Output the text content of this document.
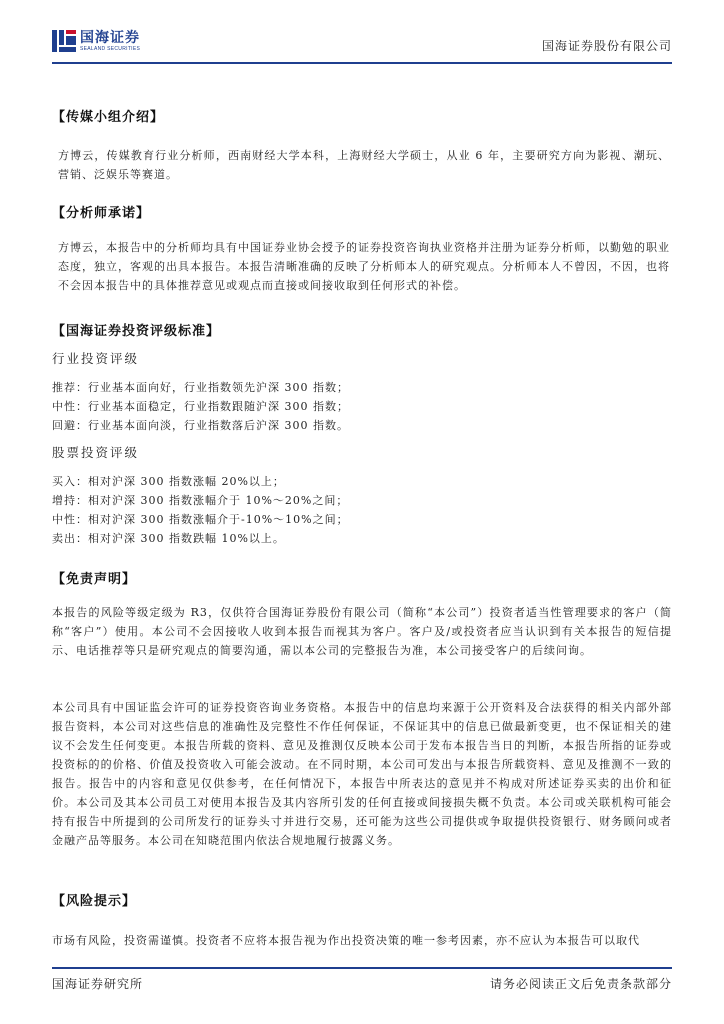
国海证券
SEALAND SECURITIES	国海证券股份有限公司
【传媒小组介绍】
方博云，传媒教育行业分析师，西南财经大学本科，上海财经大学硕士，从业 6 年，主要研究方向为影视、潮玩、营销、泛娱乐等赛道。
【分析师承诺】
方博云，本报告中的分析师均具有中国证券业协会授予的证券投资咨询执业资格并注册为证券分析师，以勤勉的职业态度，独立，客观的出具本报告。本报告清晰准确的反映了分析师本人的研究观点。分析师本人不曾因，不因，也将不会因本报告中的具体推荐意见或观点而直接或间接收取到任何形式的补偿。
【国海证券投资评级标准】
行业投资评级
推荐：行业基本面向好，行业指数领先沪深 300 指数；
中性：行业基本面稳定，行业指数跟随沪深 300 指数；
回避：行业基本面向淡，行业指数落后沪深 300 指数。
股票投资评级
买入：相对沪深 300 指数涨幅 20%以上；
增持：相对沪深 300 指数涨幅介于 10%～20%之间；
中性：相对沪深 300 指数涨幅介于-10%～10%之间；
卖出：相对沪深 300 指数跌幅 10%以上。
【免责声明】
本报告的风险等级定级为 R3，仅供符合国海证券股份有限公司（简称“本公司”）投资者适当性管理要求的客户（简称“客户”）使用。本公司不会因接收人收到本报告而视其为客户。客户及/或投资者应当认识到有关本报告的短信提示、电话推荐等只是研究观点的简要沟通，需以本公司的完整报告为准，本公司接受客户的后续问询。
本公司具有中国证监会许可的证券投资咨询业务资格。本报告中的信息均来源于公开资料及合法获得的相关内部外部报告资料，本公司对这些信息的准确性及完整性不作任何保证，不保证其中的信息已做最新变更，也不保证相关的建议不会发生任何变更。本报告所载的资料、意见及推测仅反映本公司于发布本报告当日的判断，本报告所指的证券或投资标的的价格、价值及投资收入可能会波动。在不同时期，本公司可发出与本报告所载资料、意见及推测不一致的报告。报告中的内容和意见仅供参考，在任何情况下，本报告中所表达的意见并不构成对所述证券买卖的出价和征价。本公司及其本公司员工对使用本报告及其内容所引发的任何直接或间接损失概不负责。本公司或关联机构可能会持有报告中所提到的公司所发行的证券头寸并进行交易，还可能为这些公司提供或争取提供投资银行、财务顾问或者金融产品等服务。本公司在知晓范围内依法合规地履行披露义务。
【风险提示】
市场有风险，投资需谨慎。投资者不应将本报告视为作出投资决策的唯一参考因素，亦不应认为本报告可以取代
国海证券研究所	请务必阅读正文后免责条款部分
